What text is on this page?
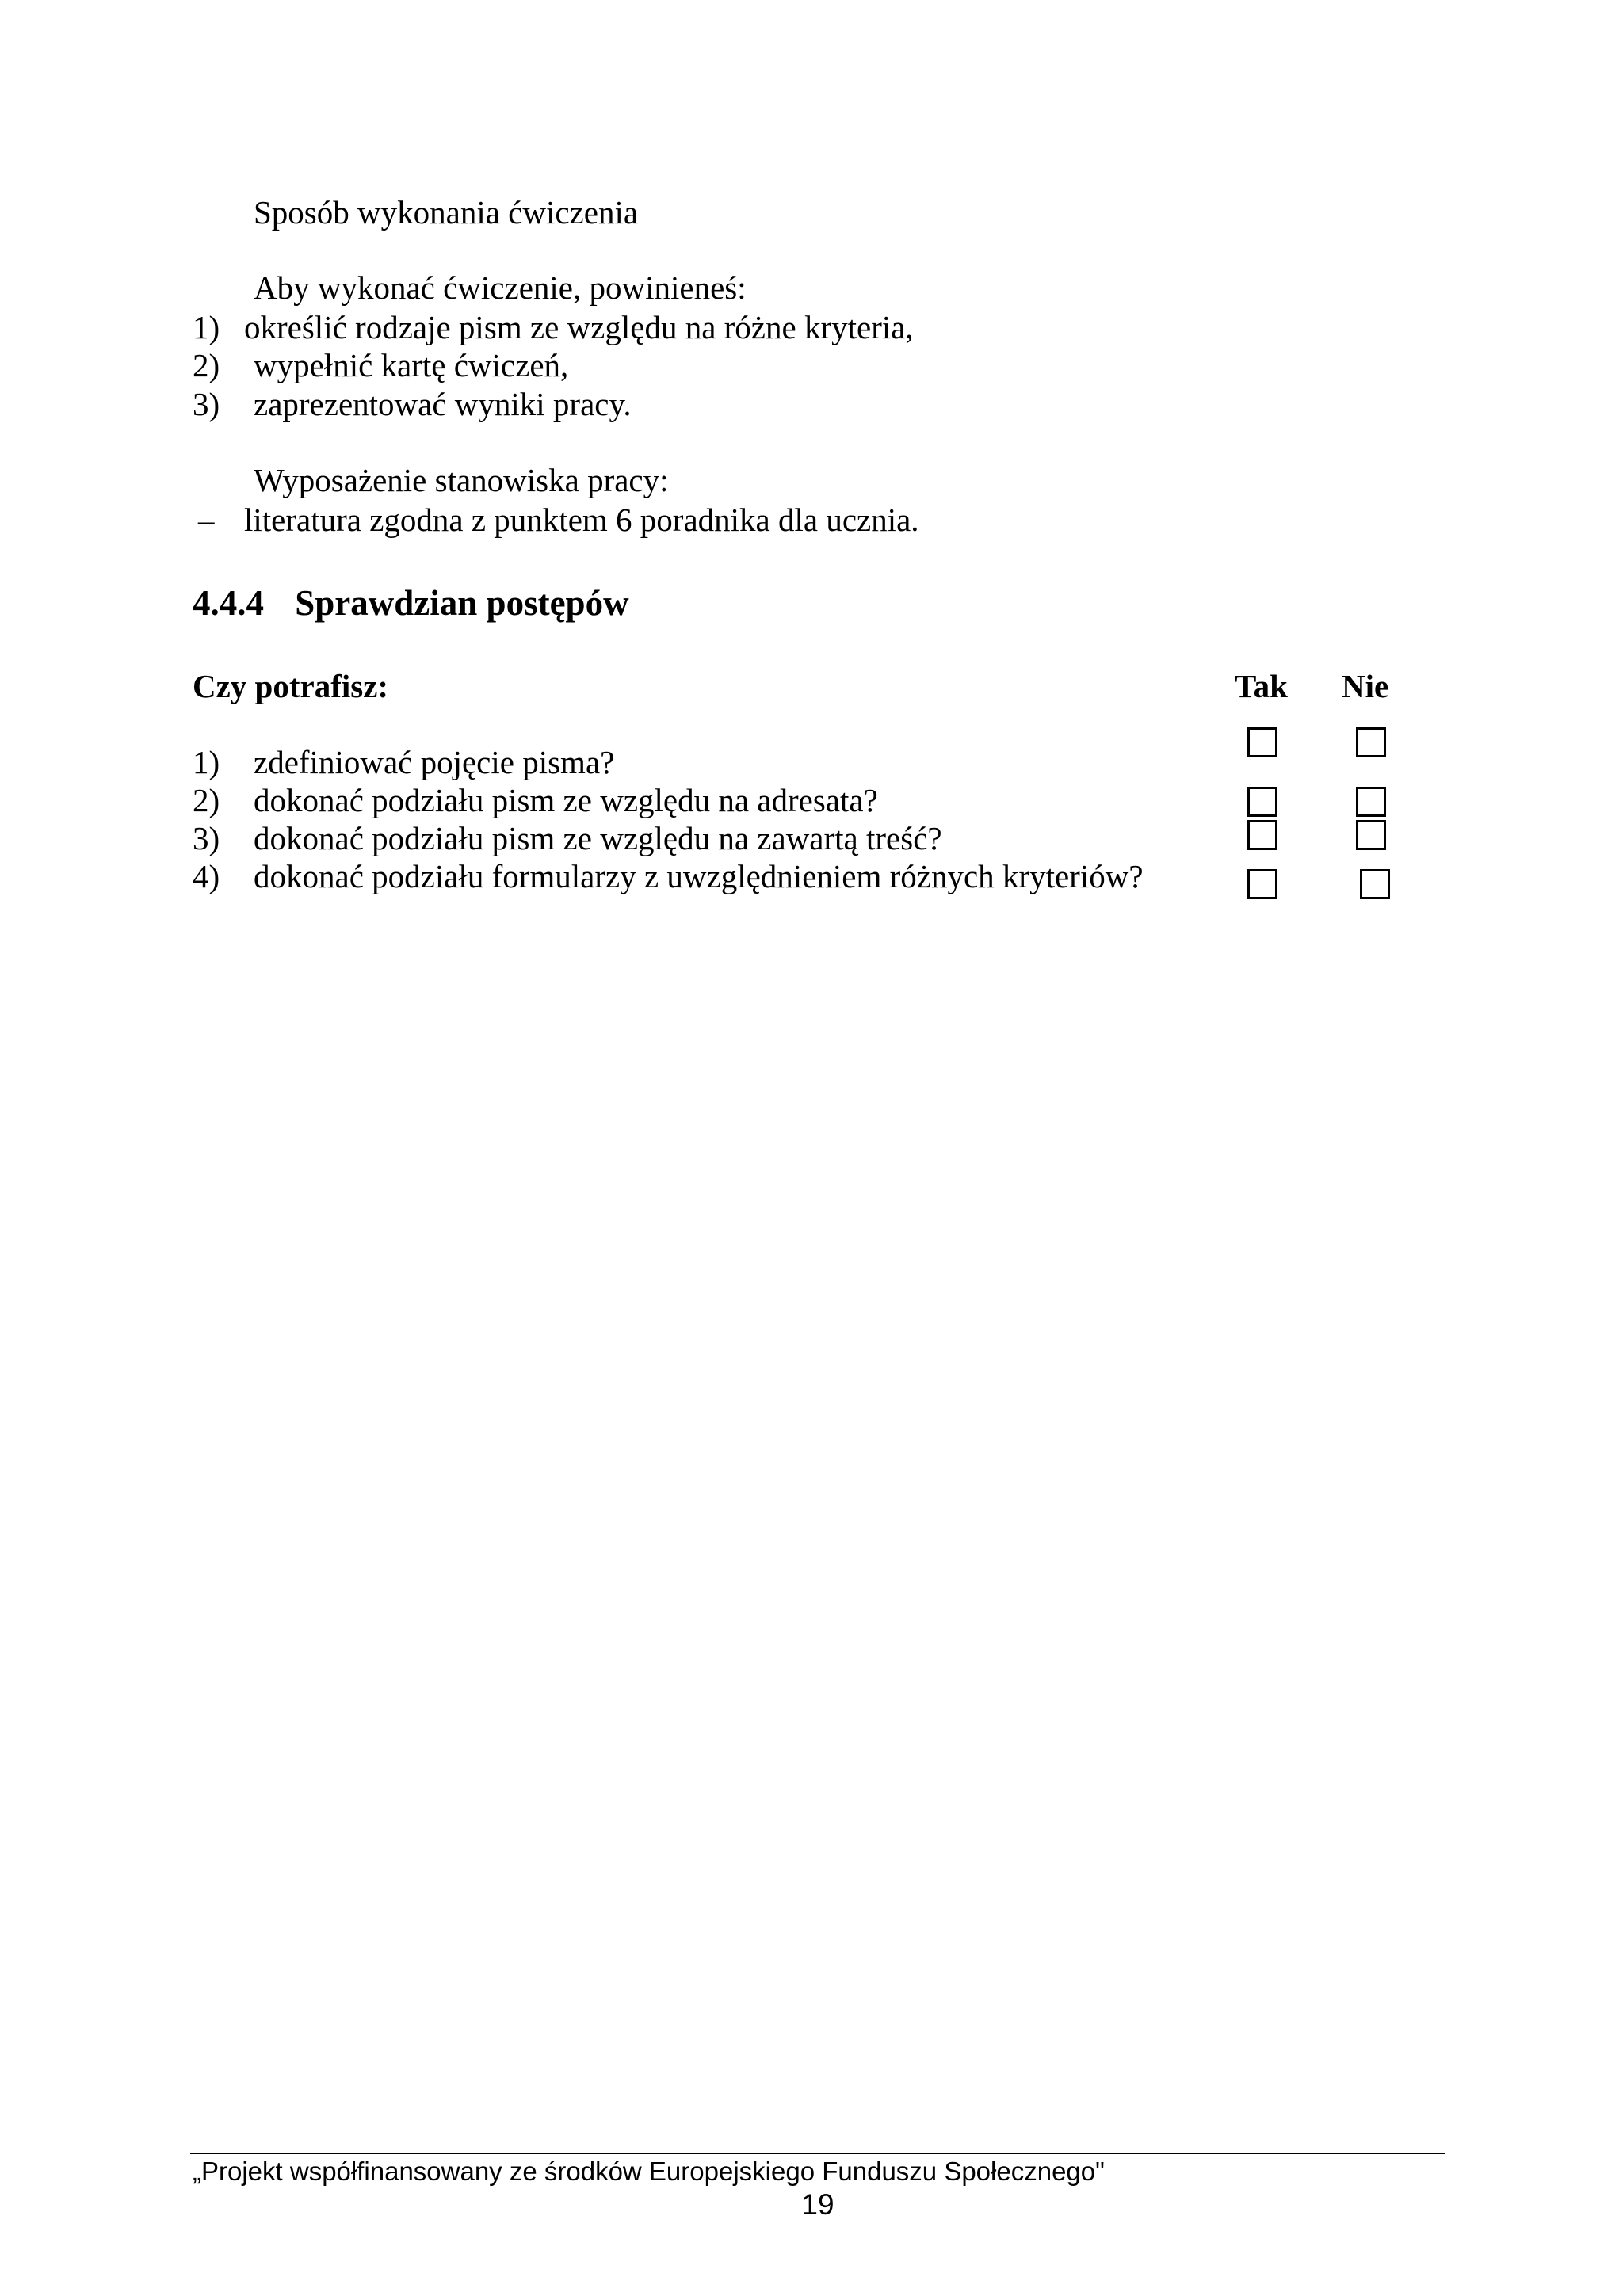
Sposób wykonania ćwiczenia
Aby wykonać ćwiczenie, powinieneś:
1) określić rodzaje pism ze względu na różne kryteria,
2) wypełnić kartę ćwiczeń,
3) zaprezentować wyniki pracy.
Wyposażenie stanowiska pracy:
– literatura zgodna z punktem 6 poradnika dla ucznia.
4.4.4 Sprawdzian postępów
Czy potrafisz:	Tak Nie
1) zdefiniować pojęcie pisma?
2) dokonać podziału pism ze względu na adresata?
3) dokonać podziału pism ze względu na zawartą treść?
4) dokonać podziału formularzy z uwzględnieniem różnych kryteriów?
„Projekt współfinansowany ze środków Europejskiego Funduszu Społecznego"
19
